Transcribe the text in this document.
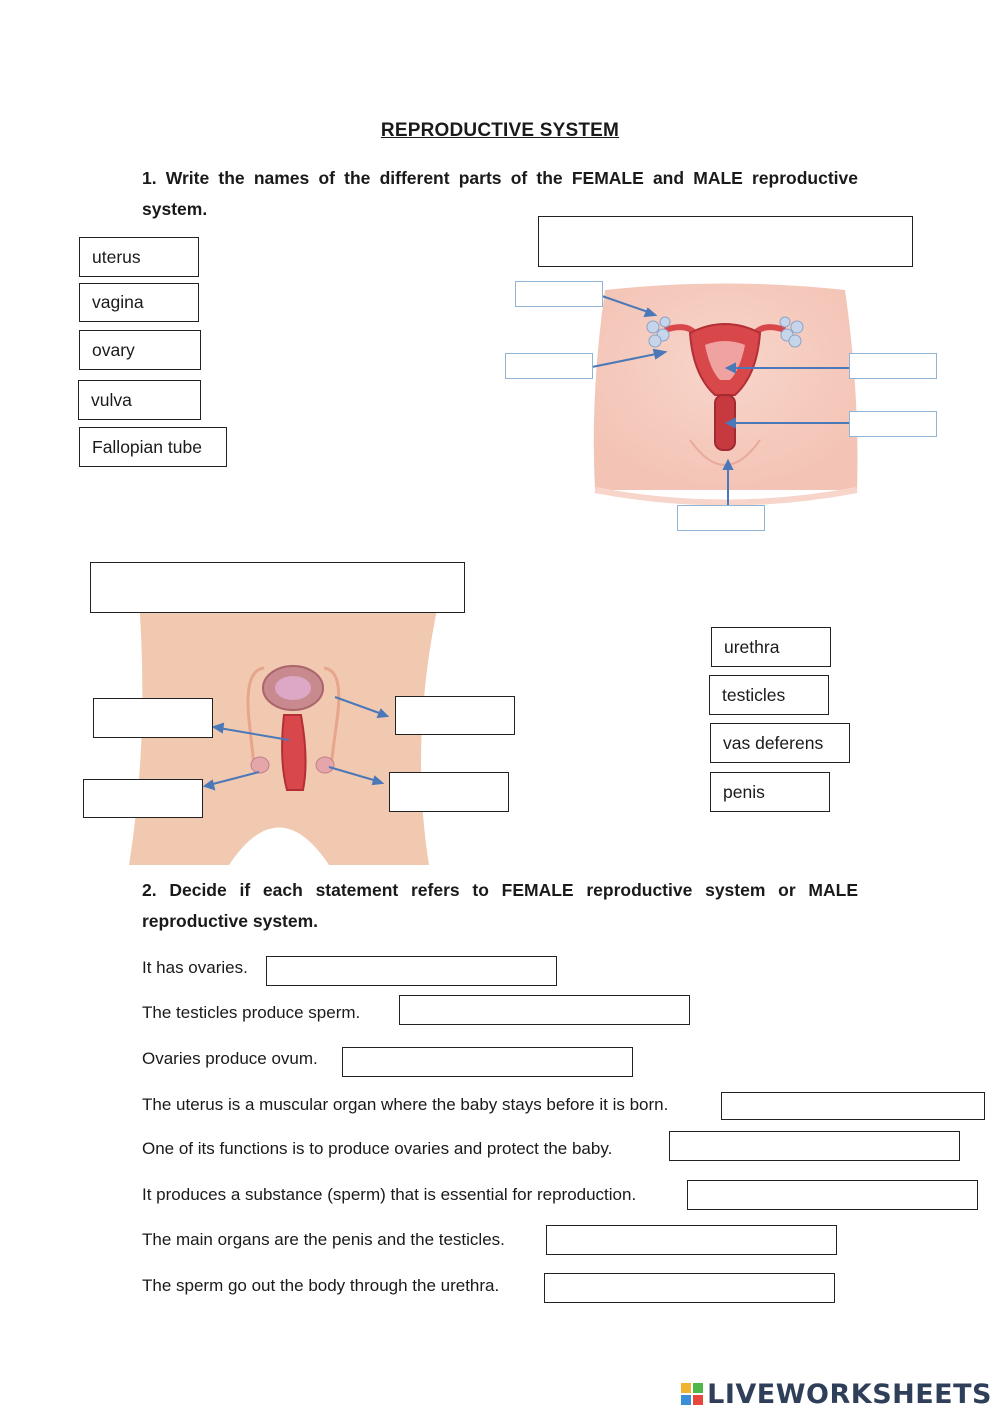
REPRODUCTIVE SYSTEM
1. Write the names of the different parts of the FEMALE and MALE reproductive system.
uterus
vagina
ovary
vulva
Fallopian tube
urethra
testicles
vas deferens
penis
2. Decide if each statement refers to FEMALE reproductive system or MALE reproductive system.
It has ovaries.
The testicles produce sperm.
Ovaries produce ovum.
The uterus is a muscular organ where the baby stays before it is born.
One of its functions is to produce ovaries and protect the baby.
It produces a substance (sperm) that is essential for reproduction.
The main organs are the penis and the testicles.
The sperm go out the body through the urethra.
LIVEWORKSHEETS
